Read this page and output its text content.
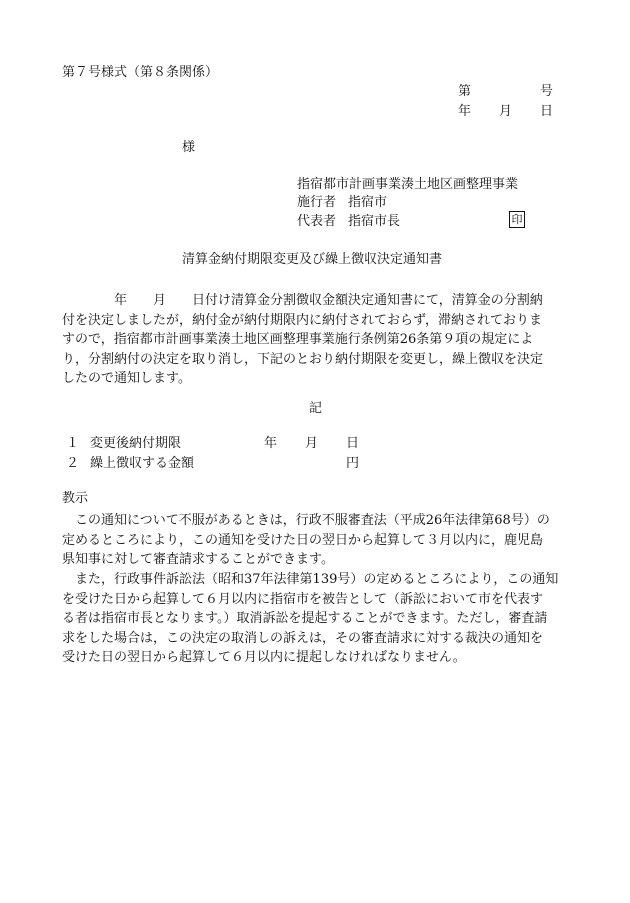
第７号様式（第８条関係）
第	号
年 月 日
様
指宿都市計画事業湊土地区画整理事業
施行者 指宿市
代表者 指宿市長	印
清算金納付期限変更及び繰上徴収決定通知書
　　　　年　　月　　日付け清算金分割徴収金額決定通知書にて，清算金の分割納
付を決定しましたが，納付金が納付期限内に納付されておらず，滞納されておりま
すので，指宿都市計画事業湊土地区画整理事業施行条例第26条第９項の規定によ
り，分割納付の決定を取り消し，下記のとおり納付期限を変更し，繰上徴収を決定
したので通知します。
記
１ 変更後納付期限	年 月 日
２ 繰上徴収する金額	円
教示
　この通知について不服があるときは，行政不服審査法（平成26年法律第68号）の
定めるところにより，この通知を受けた日の翌日から起算して３月以内に，鹿児島
県知事に対して審査請求することができます。
　また，行政事件訴訟法（昭和37年法律第139号）の定めるところにより，この通知
を受けた日から起算して６月以内に指宿市を被告として（訴訟において市を代表す
る者は指宿市長となります。）取消訴訟を提起することができます。ただし，審査請
求をした場合は，この決定の取消しの訴えは，その審査請求に対する裁決の通知を
受けた日の翌日から起算して６月以内に提起しなければなりません。
